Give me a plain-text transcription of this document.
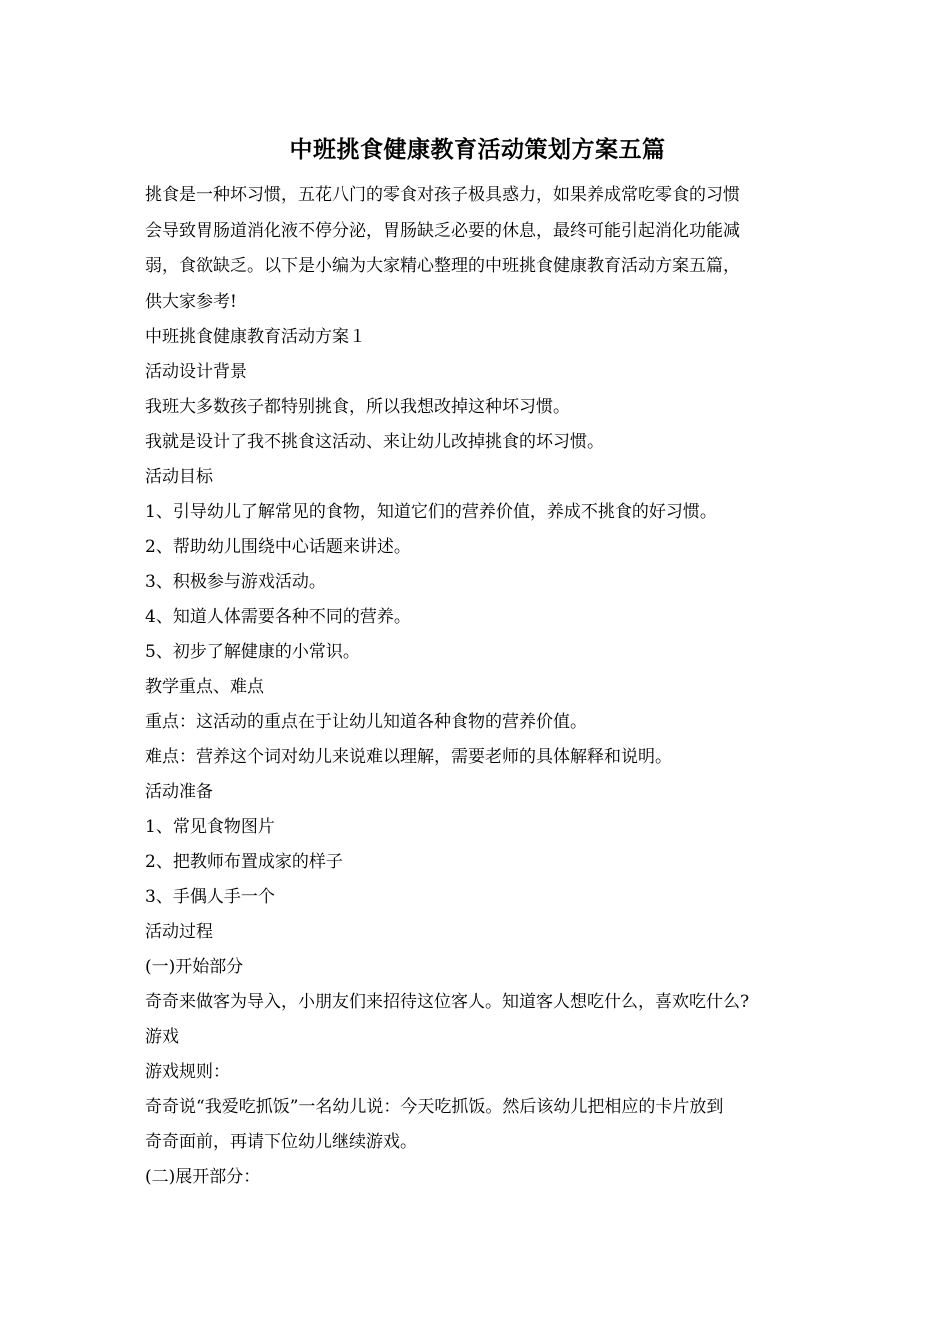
中班挑食健康教育活动策划方案五篇

挑食是一种坏习惯，五花八门的零食对孩子极具惑力，如果养成常吃零食的习惯

会导致胃肠道消化液不停分泌，胃肠缺乏必要的休息，最终可能引起消化功能减

弱，食欲缺乏。以下是小编为大家精心整理的中班挑食健康教育活动方案五篇，

供大家参考!

中班挑食健康教育活动方案１

活动设计背景

我班大多数孩子都特别挑食，所以我想改掉这种坏习惯。

我就是设计了我不挑食这活动、来让幼儿改掉挑食的坏习惯。

活动目标

1、引导幼儿了解常见的食物，知道它们的营养价值，养成不挑食的好习惯。

2、帮助幼儿围绕中心话题来讲述。

3、积极参与游戏活动。

4、知道人体需要各种不同的营养。

5、初步了解健康的小常识。

教学重点、难点

重点：这活动的重点在于让幼儿知道各种食物的营养价值。

难点：营养这个词对幼儿来说难以理解，需要老师的具体解释和说明。

活动准备

1、常见食物图片

2、把教师布置成家的样子

3、手偶人手一个

活动过程

(一)开始部分

奇奇来做客为导入，小朋友们来招待这位客人。知道客人想吃什么，喜欢吃什么?

游戏

游戏规则：

奇奇说“我爱吃抓饭”一名幼儿说：今天吃抓饭。然后该幼儿把相应的卡片放到

奇奇面前，再请下位幼儿继续游戏。

(二)展开部分：
